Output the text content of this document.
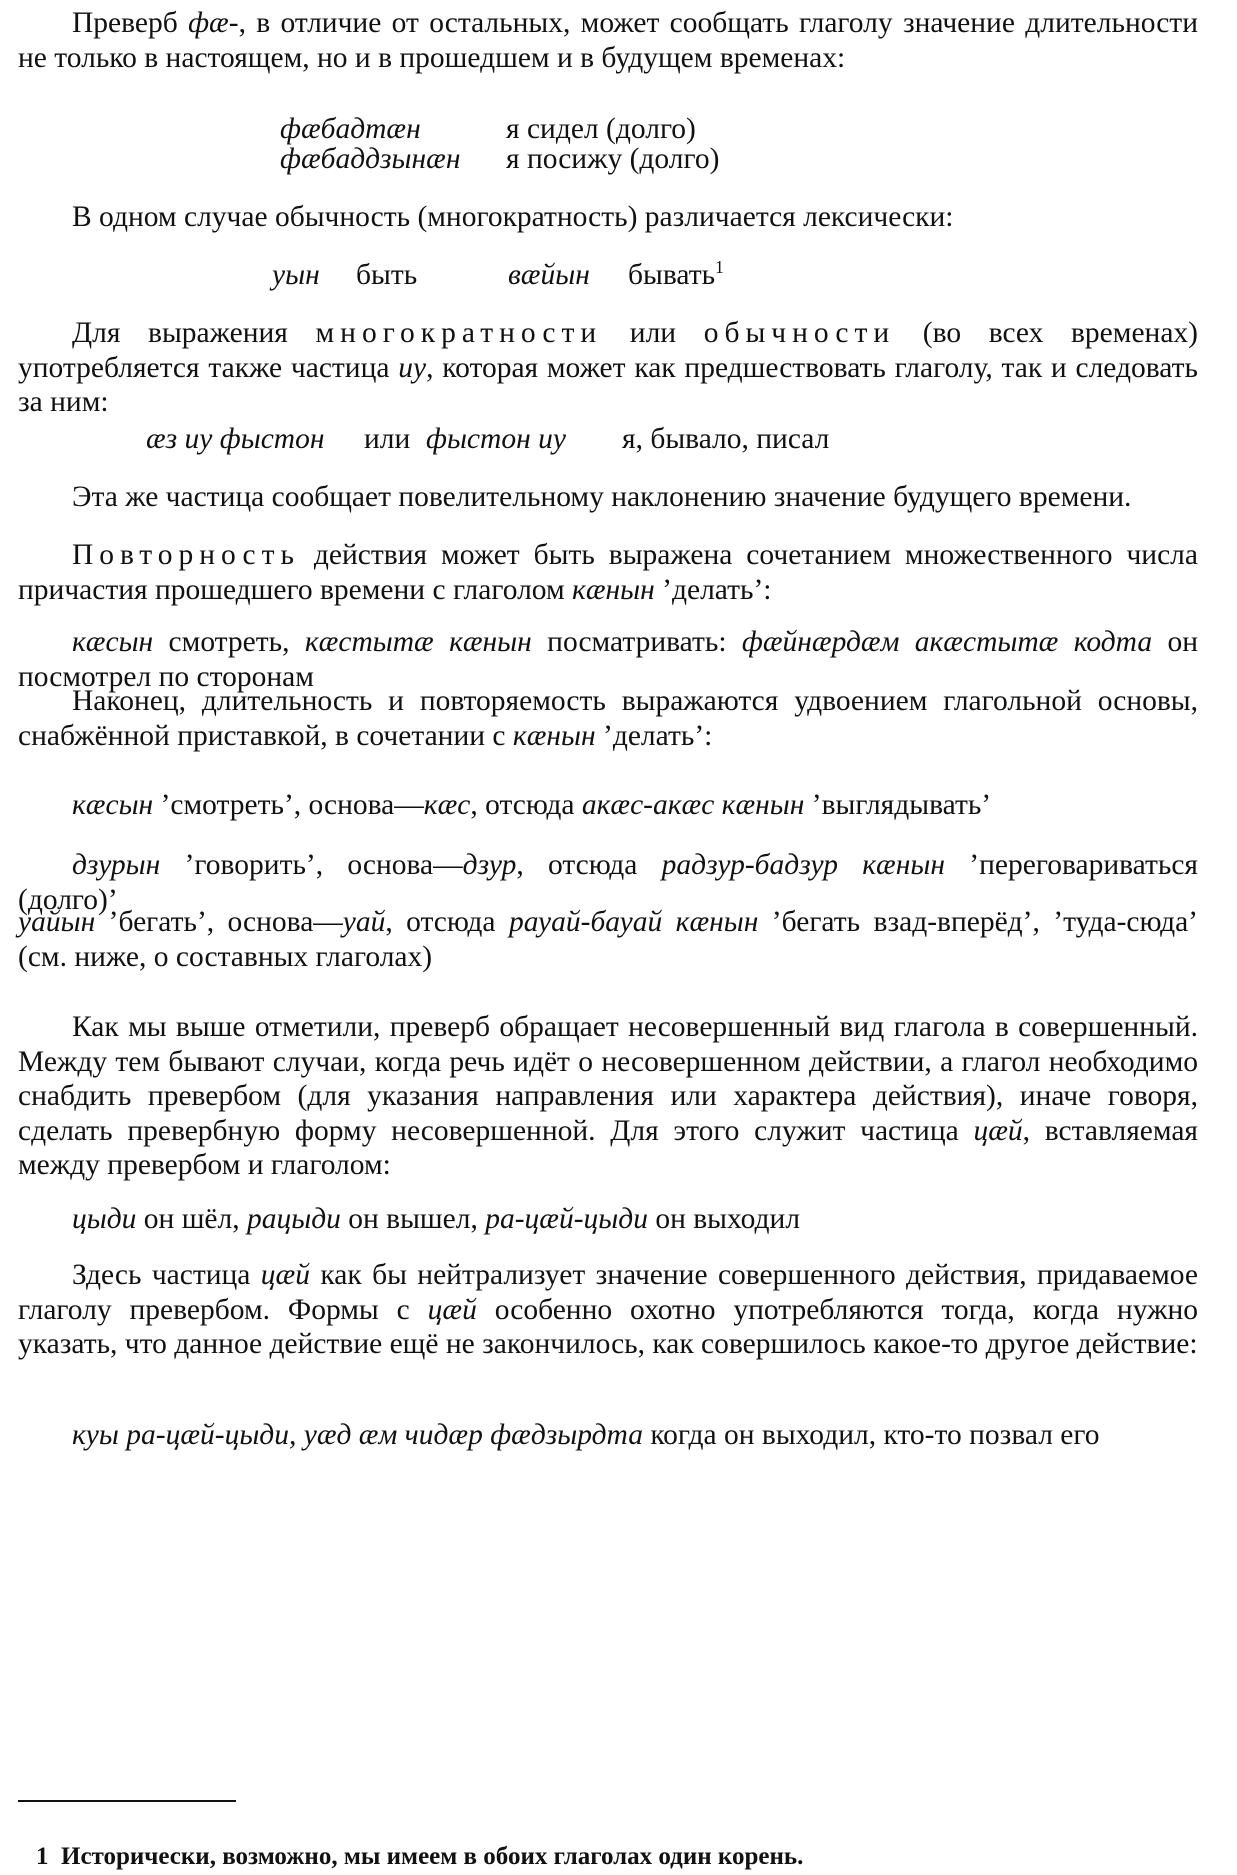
Преверб фæ-, в отличие от остальных, может сообщать глаголу значение длительности не только в настоящем, но и в прошедшем и в будущем временах:

фæбадтæн	я сидел (долго)
фæбаддзынæн я посижу (долго)

В одном случае обычность (многократность) различается лексически:

уын быть	вæйын бывать$^1$

Для выражения многократности или обычности (во всех временах) употребляется также частица иу, которая может как предшествовать глаголу, так и следовать за ним:

æз иу фыстон или фыстон иу я, бывало, писал

Эта же частица сообщает повелительному наклонению значение будущего времени.

Повторность действия может быть выражена сочетанием множественного числа причастия прошедшего времени с глаголом кæнын ’делать’:

кæсын смотреть, кæстытæ кæнын посматривать: фæйнæрдæм акæстытæ кодта он посмотрел по сторонам

Наконец, длительность и повторяемость выражаются удвоением глагольной основы, снабжённой приставкой, в сочетании с кæнын ’делать’:

кæсын ’смотреть’, основа—кæс, отсюда акæс-акæс кæнын ’выглядывать’

дзурын ’говорить’, основа—дзур, отсюда радзур-бадзур кæнын ’переговариваться (долго)’

уайын ’бегать’, основа—уай, отсюда рауай-бауай кæнын ’бегать взад-вперёд’, ’туда-сюда’ (см. ниже, о составных глаголах)

Как мы выше отметили, преверб обращает несовершенный вид глагола в совершенный. Между тем бывают случаи, когда речь идёт о несовершенном действии, а глагол необходимо снабдить превербом (для указания направления или характера действия), иначе говоря, сделать превербную форму несовершенной. Для этого служит частица цæй, вставляемая между превербом и глаголом:

цыди он шёл, рацыди он вышел, ра-цæй-цыди он выходил

Здесь частица цæй как бы нейтрализует значение совершенного действия, придаваемое глаголу превербом. Формы с цæй особенно охотно употребляются тогда, когда нужно указать, что данное действие ещё не закончилось, как совершилось какое-то другое действие:

куы ра-цæй-цыди, уæд æм чидæр фæдзырдта когда он выходил, кто-то позвал его

1 Исторически, возможно, мы имеем в обоих глаголах один корень.
